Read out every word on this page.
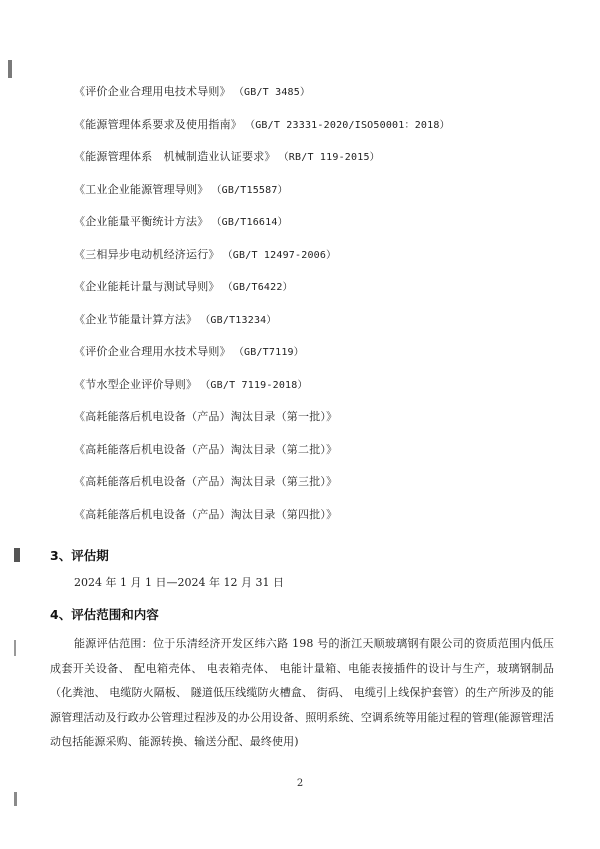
《评价企业合理用电技术导则》 （GB/T 3485）
《能源管理体系要求及使用指南》 （GB/T 23331-2020/ISO50001：2018）
《能源管理体系　机械制造业认证要求》 （RB/T 119-2015）
《工业企业能源管理导则》 （GB/T15587）
《企业能量平衡统计方法》 （GB/T16614）
《三相异步电动机经济运行》 （GB/T 12497-2006）
《企业能耗计量与测试导则》 （GB/T6422）
《企业节能量计算方法》 （GB/T13234）
《评价企业合理用水技术导则》 （GB/T7119）
《节水型企业评价导则》 （GB/T 7119-2018）
《高耗能落后机电设备（产品）淘汰目录（第一批）》
《高耗能落后机电设备（产品）淘汰目录（第二批）》
《高耗能落后机电设备（产品）淘汰目录（第三批）》
《高耗能落后机电设备（产品）淘汰目录（第四批）》
3、评估期
2024 年 1 月 1 日—2024 年 12 月 31 日
4、评估范围和内容
能源评估范围：位于乐清经济开发区纬六路 198 号的浙江天顺玻璃钢有限公司的资质范围内低压成套开关设备、 配电箱壳体、 电表箱壳体、 电能计量箱、电能表接插件的设计与生产，玻璃钢制品（化粪池、 电缆防火隔板、 隧道低压线缆防火槽盒、 街码、 电缆引上线保护套管）的生产所涉及的能源管理活动及行政办公管理过程涉及的办公用设备、照明系统、空调系统等用能过程的管理(能源管理活动包括能源采购、能源转换、输送分配、最终使用)
2
